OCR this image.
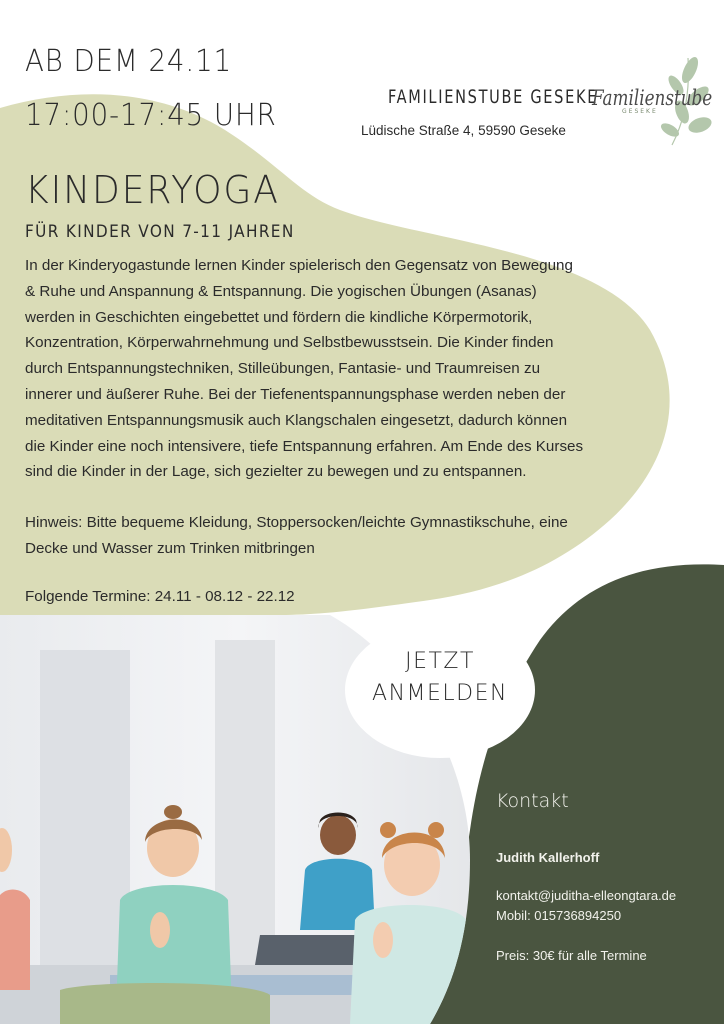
AB DEM 24.11
17:00-17:45 UHR
FAMILIENSTUBE GESEKE
Lüdische Straße 4, 59590 Geseke
Familienstube
GESEKE
KINDERYOGA
FÜR KINDER VON 7-11 JAHREN
In der Kinderyogastunde lernen Kinder spielerisch den Gegensatz von Bewegung
& Ruhe und Anspannung & Entspannung. Die yogischen Übungen (Asanas)
werden in Geschichten eingebettet und fördern die kindliche Körpermotorik,
Konzentration, Körperwahrnehmung und Selbstbewusstsein. Die Kinder finden
durch Entspannungstechniken, Stilleübungen, Fantasie- und Traumreisen zu
innerer und äußerer Ruhe. Bei der Tiefenentspannungsphase werden neben der
meditativen Entspannungsmusik auch Klangschalen eingesetzt, dadurch können
die Kinder eine noch intensivere, tiefe Entspannung erfahren. Am Ende des Kurses
sind die Kinder in der Lage, sich gezielter zu bewegen und zu entspannen.
Hinweis: Bitte bequeme Kleidung, Stoppersocken/leichte Gymnastikschuhe, eine
Decke und Wasser zum Trinken mitbringen
Folgende Termine: 24.11 - 08.12 - 22.12
JETZT
ANMELDEN
Kontakt
Judith Kallerhoff
kontakt@juditha-elleongtara.de
Mobil: 015736894250
Preis: 30€ für alle Termine
